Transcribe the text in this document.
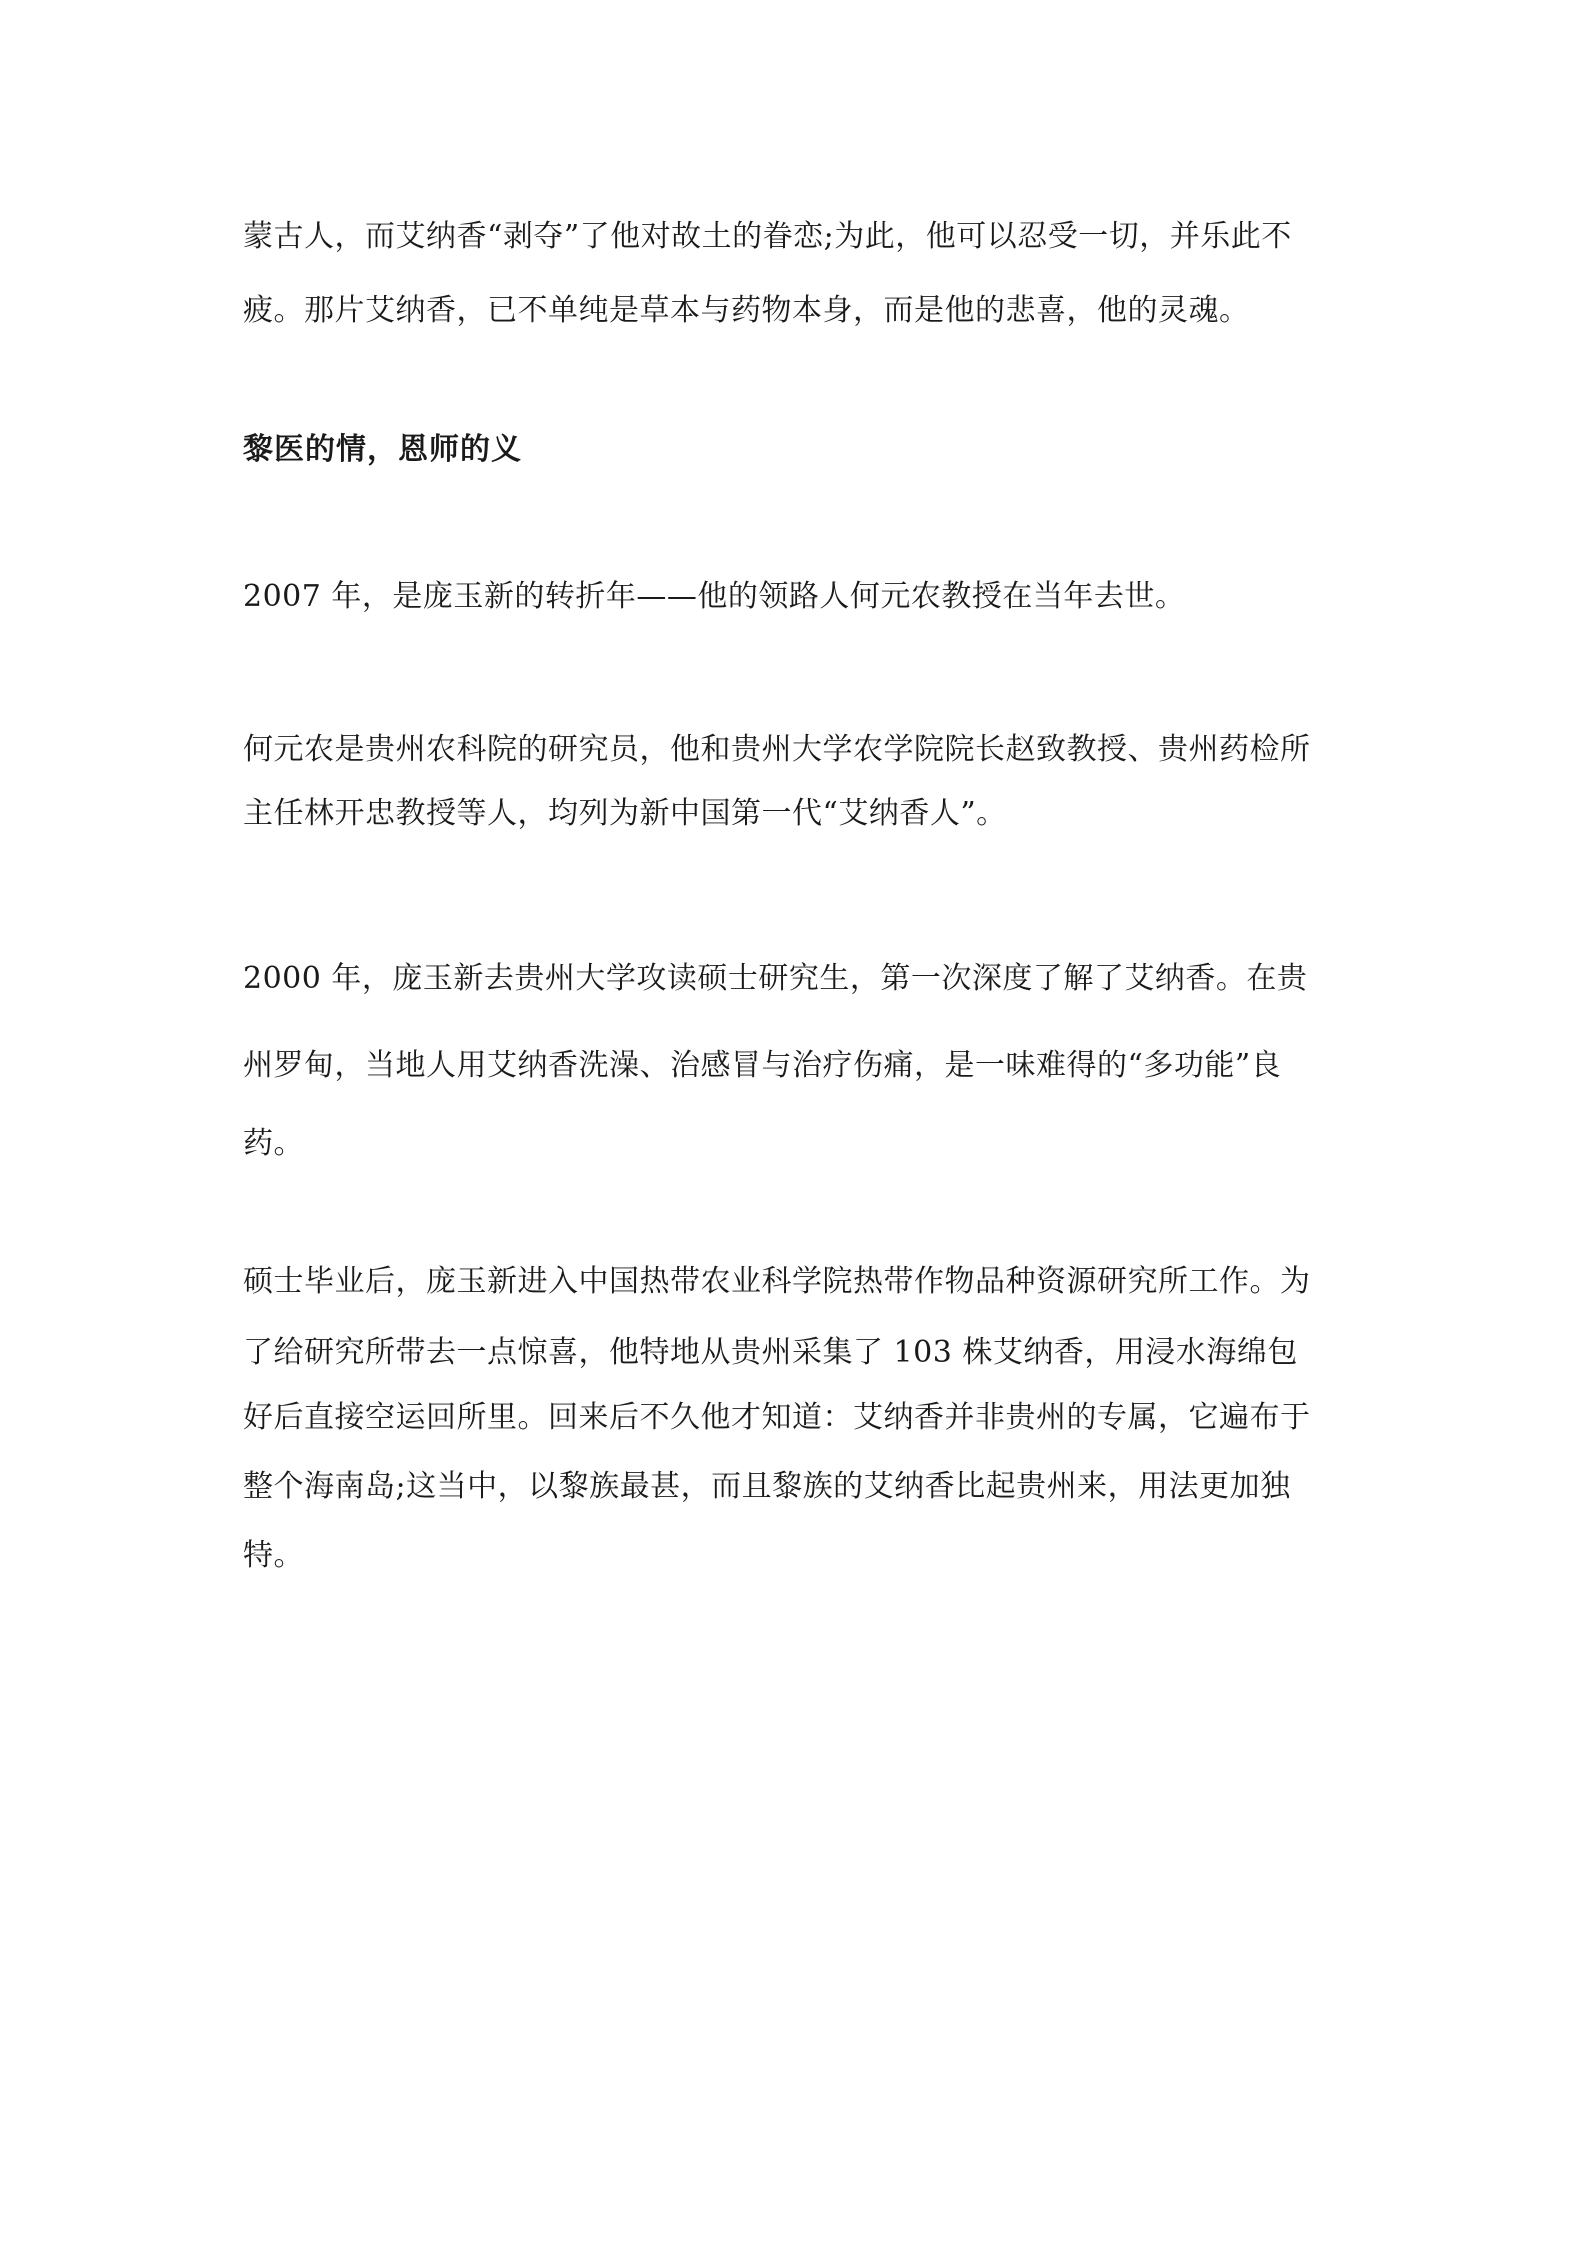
蒙古人，而艾纳香“剥夺”了他对故土的眷恋;为此，他可以忍受一切，并乐此不

疲。那片艾纳香，已不单纯是草本与药物本身，而是他的悲喜，他的灵魂。

黎医的情，恩师的义

2007 年，是庞玉新的转折年——他的领路人何元农教授在当年去世。

何元农是贵州农科院的研究员，他和贵州大学农学院院长赵致教授、贵州药检所

主任林开忠教授等人，均列为新中国第一代“艾纳香人”。

2000 年，庞玉新去贵州大学攻读硕士研究生，第一次深度了解了艾纳香。在贵

州罗甸，当地人用艾纳香洗澡、治感冒与治疗伤痛，是一味难得的“多功能”良

药。

硕士毕业后，庞玉新进入中国热带农业科学院热带作物品种资源研究所工作。为

了给研究所带去一点惊喜，他特地从贵州采集了 103 株艾纳香，用浸水海绵包

好后直接空运回所里。回来后不久他才知道：艾纳香并非贵州的专属，它遍布于

整个海南岛;这当中，以黎族最甚，而且黎族的艾纳香比起贵州来，用法更加独

特。
